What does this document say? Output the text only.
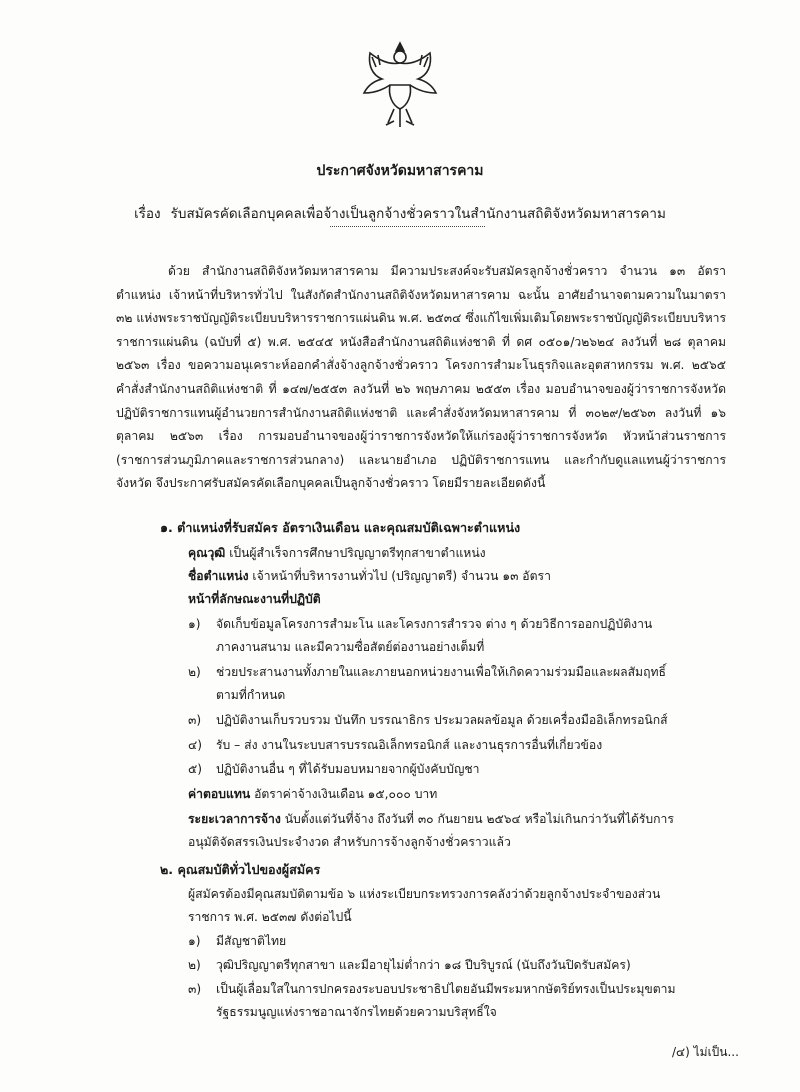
ประกาศจังหวัดมหาสารคาม
เรื่อง รับสมัครคัดเลือกบุคคลเพื่อจ้างเป็นลูกจ้างชั่วคราวในสำนักงานสถิติจังหวัดมหาสารคาม
ด้วย สำนักงานสถิติจังหวัดมหาสารคาม มีความประสงค์จะรับสมัครลูกจ้างชั่วคราว จำนวน ๑๓ อัตรา ตำแหน่ง เจ้าหน้าที่บริหารทั่วไป ในสังกัดสำนักงานสถิติจังหวัดมหาสารคาม ฉะนั้น อาศัยอำนาจตามความในมาตรา ๓๒ แห่งพระราชบัญญัติระเบียบบริหารราชการแผ่นดิน พ.ศ. ๒๕๓๔ ซึ่งแก้ไขเพิ่มเติมโดยพระราชบัญญัติระเบียบบริหารราชการแผ่นดิน (ฉบับที่ ๕) พ.ศ. ๒๕๔๕ หนังสือสำนักงานสถิติแห่งชาติ ที่ ดศ ๐๕๐๑/ว๒๖๒๔ ลงวันที่ ๒๘ ตุลาคม ๒๕๖๓ เรื่อง ขอความอนุเคราะห์ออกคำสั่งจ้างลูกจ้างชั่วคราว โครงการสำมะโนธุรกิจและอุตสาหกรรม พ.ศ. ๒๕๖๕ คำสั่งสำนักงานสถิติแห่งชาติ ที่ ๑๔๗/๒๕๕๓ ลงวันที่ ๒๖ พฤษภาคม ๒๕๕๓ เรื่อง มอบอำนาจของผู้ว่าราชการจังหวัด ปฏิบัติราชการแทนผู้อำนวยการสำนักงานสถิติแห่งชาติ และคำสั่งจังหวัดมหาสารคาม ที่ ๓๐๒๙/๒๕๖๓ ลงวันที่ ๑๖ ตุลาคม ๒๕๖๓ เรื่อง การมอบอำนาจของผู้ว่าราชการจังหวัดให้แก่รองผู้ว่าราชการจังหวัด หัวหน้าส่วนราชการ (ราชการส่วนภูมิภาคและราชการส่วนกลาง) และนายอำเภอ ปฏิบัติราชการแทน และกำกับดูแลแทนผู้ว่าราชการจังหวัด จึงประกาศรับสมัครคัดเลือกบุคคลเป็นลูกจ้างชั่วคราว โดยมีรายละเอียดดังนี้
๑. ตำแหน่งที่รับสมัคร อัตราเงินเดือน และคุณสมบัติเฉพาะตำแหน่ง
คุณวุฒิ เป็นผู้สำเร็จการศึกษาปริญญาตรีทุกสาขาตำแหน่ง
ชื่อตำแหน่ง เจ้าหน้าที่บริหารงานทั่วไป (ปริญญาตรี) จำนวน ๑๓ อัตรา
หน้าที่ลักษณะงานที่ปฏิบัติ
๑) จัดเก็บข้อมูลโครงการสำมะโน และโครงการสำรวจ ต่าง ๆ ด้วยวิธีการออกปฏิบัติงาน
ภาคงานสนาม และมีความซื่อสัตย์ต่องานอย่างเต็มที่
๒) ช่วยประสานงานทั้งภายในและภายนอกหน่วยงานเพื่อให้เกิดความร่วมมือและผลสัมฤทธิ์
ตามที่กำหนด
๓) ปฏิบัติงานเก็บรวบรวม บันทึก บรรณาธิกร ประมวลผลข้อมูล ด้วยเครื่องมืออิเล็กทรอนิกส์
๔) รับ – ส่ง งานในระบบสารบรรณอิเล็กทรอนิกส์ และงานธุรการอื่นที่เกี่ยวข้อง
๕) ปฏิบัติงานอื่น ๆ ที่ได้รับมอบหมายจากผู้บังคับบัญชา
ค่าตอบแทน อัตราค่าจ้างเงินเดือน ๑๕,๐๐๐ บาท
ระยะเวลาการจ้าง นับตั้งแต่วันที่จ้าง ถึงวันที่ ๓๐ กันยายน ๒๕๖๔ หรือไม่เกินกว่าวันที่ได้รับการ
อนุมัติจัดสรรเงินประจำงวด สำหรับการจ้างลูกจ้างชั่วคราวแล้ว
๒. คุณสมบัติทั่วไปของผู้สมัคร
ผู้สมัครต้องมีคุณสมบัติตามข้อ ๖ แห่งระเบียบกระทรวงการคลังว่าด้วยลูกจ้างประจำของส่วน
ราชการ พ.ศ. ๒๕๓๗ ดังต่อไปนี้
๑) มีสัญชาติไทย
๒) วุฒิปริญญาตรีทุกสาขา และมีอายุไม่ต่ำกว่า ๑๘ ปีบริบูรณ์ (นับถึงวันปิดรับสมัคร)
๓) เป็นผู้เลื่อมใสในการปกครองระบอบประชาธิปไตยอันมีพระมหากษัตริย์ทรงเป็นประมุขตาม
รัฐธรรมนูญแห่งราชอาณาจักรไทยด้วยความบริสุทธิ์ใจ
/๔) ไม่เป็น...
